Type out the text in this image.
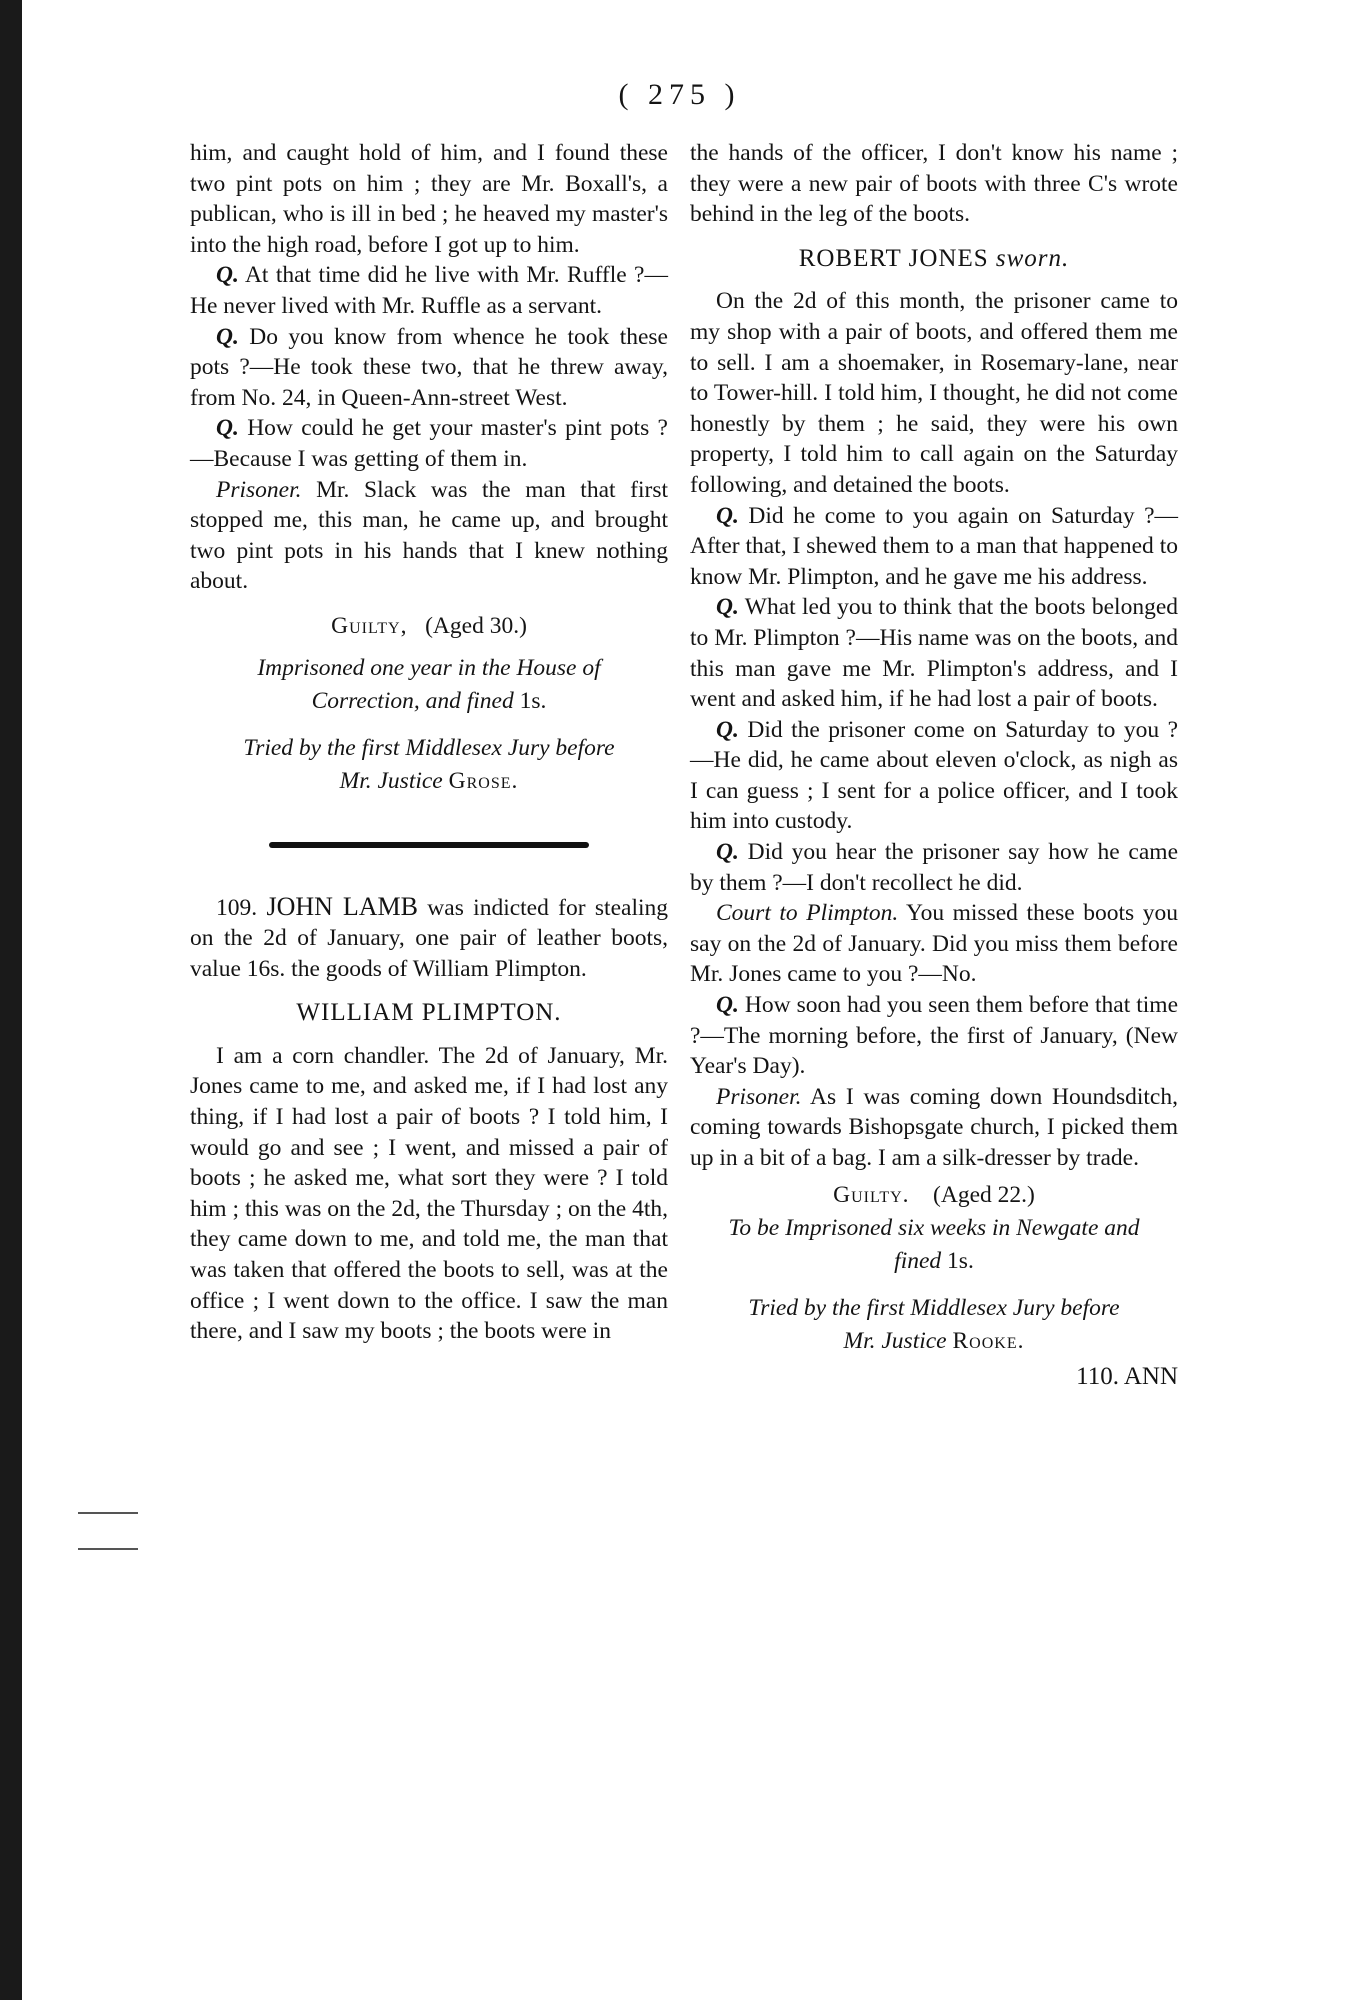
( 275 )

him, and caught hold of him, and I found these two pint pots on him ; they are Mr. Boxall's, a publican, who is ill in bed ; he heaved my master's into the high road, before I got up to him.

Q. At that time did he live with Mr. Ruffle ?—He never lived with Mr. Ruffle as a servant.

Q. Do you know from whence he took these pots ?—He took these two, that he threw away, from No. 24, in Queen-Ann-street West.

Q. How could he get your master's pint pots ?—Because I was getting of them in.

Prisoner. Mr. Slack was the man that first stopped me, this man, he came up, and brought two pint pots in his hands that I knew nothing about.

Guilty, (Aged 30.)

Imprisoned one year in the House of
Correction, and fined 1s.

Tried by the first Middlesex Jury before
Mr. Justice Grose.

109. JOHN LAMB was indicted for stealing on the 2d of January, one pair of leather boots, value 16s. the goods of William Plimpton.

WILLIAM PLIMPTON.

I am a corn chandler. The 2d of January, Mr. Jones came to me, and asked me, if I had lost any thing, if I had lost a pair of boots ? I told him, I would go and see ; I went, and missed a pair of boots ; he asked me, what sort they were ? I told him ; this was on the 2d, the Thursday ; on the 4th, they came down to me, and told me, the man that was taken that offered the boots to sell, was at the office ; I went down to the office. I saw the man there, and I saw my boots ; the boots were in

the hands of the officer, I don't know his name ; they were a new pair of boots with three C's wrote behind in the leg of the boots.

ROBERT JONES sworn.

On the 2d of this month, the prisoner came to my shop with a pair of boots, and offered them me to sell. I am a shoemaker, in Rosemary-lane, near to Tower-hill. I told him, I thought, he did not come honestly by them ; he said, they were his own property, I told him to call again on the Saturday following, and detained the boots.

Q. Did he come to you again on Saturday ?—After that, I shewed them to a man that happened to know Mr. Plimpton, and he gave me his address.

Q. What led you to think that the boots belonged to Mr. Plimpton ?—His name was on the boots, and this man gave me Mr. Plimpton's address, and I went and asked him, if he had lost a pair of boots.

Q. Did the prisoner come on Saturday to you ?—He did, he came about eleven o'clock, as nigh as I can guess ; I sent for a police officer, and I took him into custody.

Q. Did you hear the prisoner say how he came by them ?—I don't recollect he did.

Court to Plimpton. You missed these boots you say on the 2d of January. Did you miss them before Mr. Jones came to you ?—No.

Q. How soon had you seen them before that time ?—The morning before, the first of January, (New Year's Day).

Prisoner. As I was coming down Houndsditch, coming towards Bishopsgate church, I picked them up in a bit of a bag. I am a silk-dresser by trade.

Guilty. (Aged 22.)

To be Imprisoned six weeks in Newgate and
fined 1s.

Tried by the first Middlesex Jury before
Mr. Justice Rooke.

110. ANN
